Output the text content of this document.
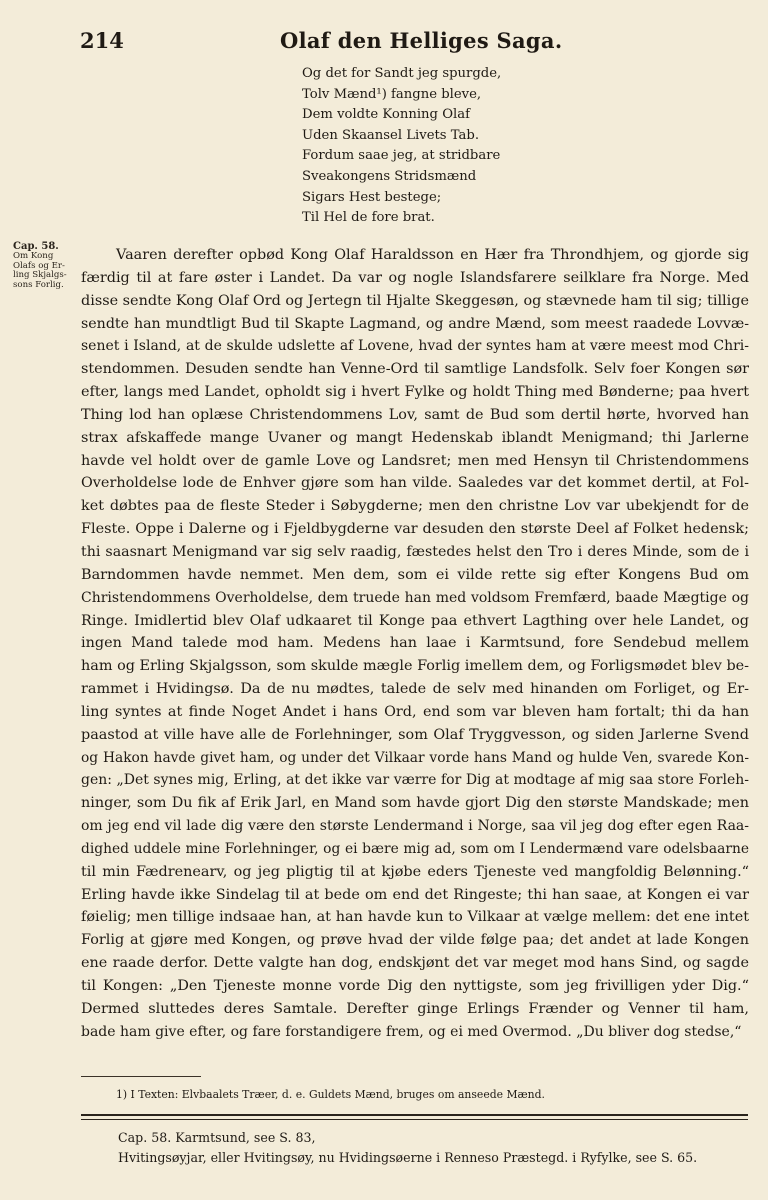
214	Olaf den Helliges Saga.
Og det for Sandt jeg spurgde,
Tolv Mænd¹) fangne bleve,
Dem voldte Konning Olaf
Uden Skaansel Livets Tab.
Fordum saae jeg, at stridbare
Sveakongens Stridsmænd
Sigars Hest bestege;
Til Hel de fore brat.
Cap. 58.
Om Kong
Olafs og Er-
ling Skjalgs-
sons Forlig.
Vaaren derefter opbød Kong Olaf Haraldsson en Hær fra Throndhjem, og gjorde sig
færdig til at fare øster i Landet. Da var og nogle Islandsfarere seilklare fra Norge. Med
disse sendte Kong Olaf Ord og Jertegn til Hjalte Skeggesøn, og stævnede ham til sig; tillige
sendte han mundtligt Bud til Skapte Lagmand, og andre Mænd, som meest raadede Lovvæ-
senet i Island, at de skulde udslette af Lovene, hvad der syntes ham at være meest mod Chri-
stendommen. Desuden sendte han Venne-Ord til samtlige Landsfolk. Selv foer Kongen sør
efter, langs med Landet, opholdt sig i hvert Fylke og holdt Thing med Bønderne; paa hvert
Thing lod han oplæse Christendommens Lov, samt de Bud som dertil hørte, hvorved han
strax afskaffede mange Uvaner og mangt Hedenskab iblandt Menigmand; thi Jarlerne
havde vel holdt over de gamle Love og Landsret; men med Hensyn til Christendommens
Overholdelse lode de Enhver gjøre som han vilde. Saaledes var det kommet dertil, at Fol-
ket døbtes paa de fleste Steder i Søbygderne; men den christne Lov var ubekjendt for de
Fleste. Oppe i Dalerne og i Fjeldbygderne var desuden den største Deel af Folket hedensk;
thi saasnart Menigmand var sig selv raadig, fæstedes helst den Tro i deres Minde, som de i
Barndommen havde nemmet. Men dem, som ei vilde rette sig efter Kongens Bud om
Christendommens Overholdelse, dem truede han med voldsom Fremfærd, baade Mægtige og
Ringe. Imidlertid blev Olaf udkaaret til Konge paa ethvert Lagthing over hele Landet, og
ingen Mand talede mod ham. Medens han laae i Karmtsund, fore Sendebud mellem
ham og Erling Skjalgsson, som skulde mægle Forlig imellem dem, og Forligsmødet blev be-
rammet i Hvidingsø. Da de nu mødtes, talede de selv med hinanden om Forliget, og Er-
ling syntes at finde Noget Andet i hans Ord, end som var bleven ham fortalt; thi da han
paastod at ville have alle de Forlehninger, som Olaf Tryggvesson, og siden Jarlerne Svend
og Hakon havde givet ham, og under det Vilkaar vorde hans Mand og hulde Ven, svarede Kon-
gen: „Det synes mig, Erling, at det ikke var værre for Dig at modtage af mig saa store Forleh-
ninger, som Du fik af Erik Jarl, en Mand som havde gjort Dig den største Mandskade; men
om jeg end vil lade dig være den største Lendermand i Norge, saa vil jeg dog efter egen Raa-
dighed uddele mine Forlehninger, og ei bære mig ad, som om I Lendermænd vare odelsbaarne
til min Fædrenearv, og jeg pligtig til at kjøbe eders Tjeneste ved mangfoldig Belønning.“
Erling havde ikke Sindelag til at bede om end det Ringeste; thi han saae, at Kongen ei var
føielig; men tillige indsaae han, at han havde kun to Vilkaar at vælge mellem: det ene intet
Forlig at gjøre med Kongen, og prøve hvad der vilde følge paa; det andet at lade Kongen
ene raade derfor. Dette valgte han dog, endskjønt det var meget mod hans Sind, og sagde
til Kongen: „Den Tjeneste monne vorde Dig den nyttigste, som jeg frivilligen yder Dig.“
Dermed sluttedes deres Samtale. Derefter ginge Erlings Frænder og Venner til ham,
bade ham give efter, og fare forstandigere frem, og ei med Overmod. „Du bliver dog stedse,“
1) I Texten: Elvbaalets Træer, d. e. Guldets Mænd, bruges om anseede Mænd.
Cap. 58. Karmtsund, see S. 83,
Hvitingsøyjar, eller Hvitingsøy, nu Hvidingsøerne i Renneso Præstegd. i Ryfylke, see S. 65.
